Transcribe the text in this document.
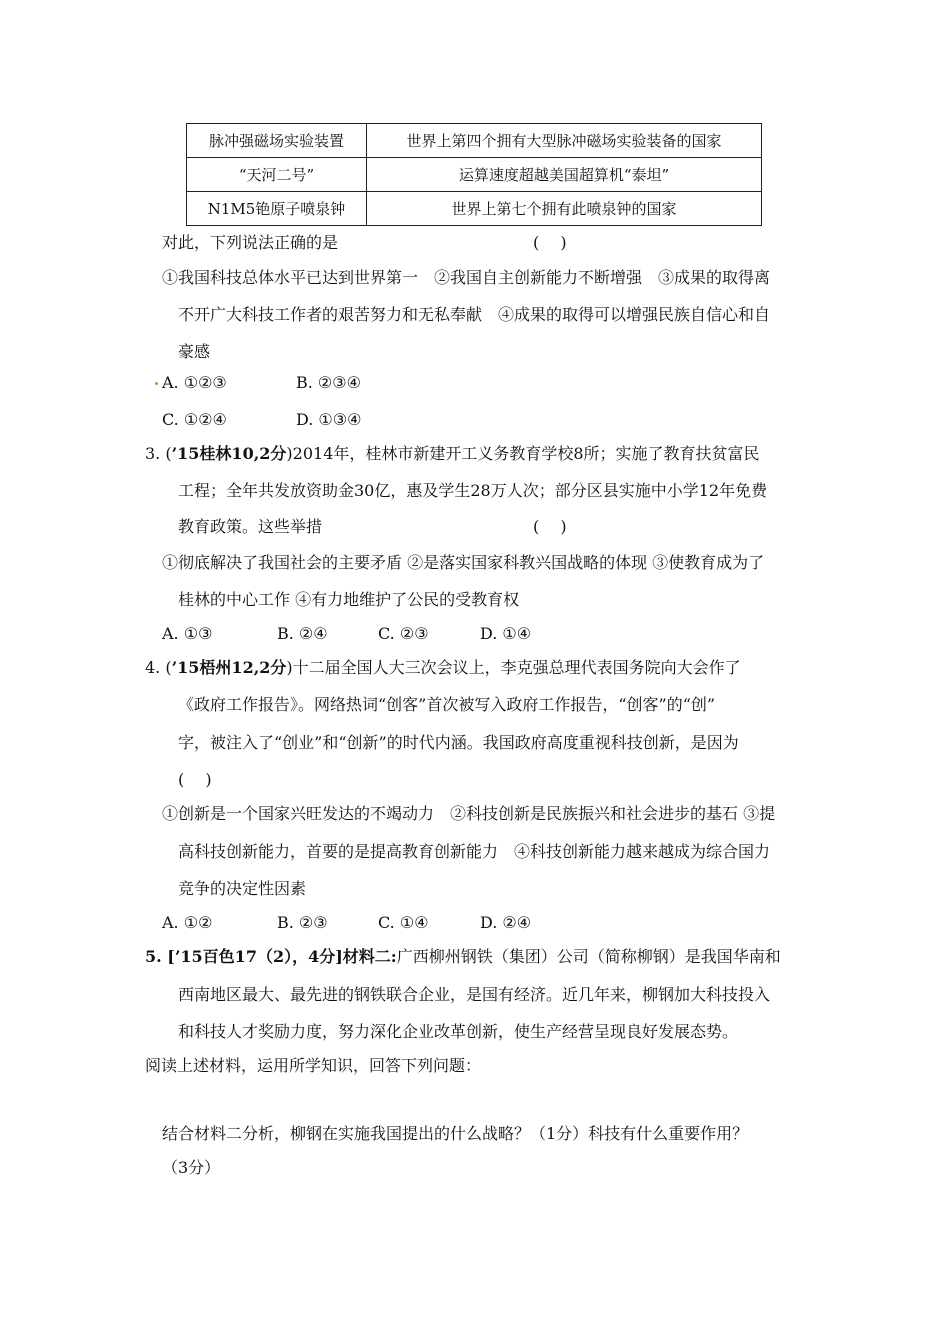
脉冲强磁场实验装置	世界上第四个拥有大型脉冲磁场实验装备的国家
“天河二号”	运算速度超越美国超算机“泰坦”
N1M5铯原子喷泉钟	世界上第七个拥有此喷泉钟的国家
对此，下列说法正确的是	(　 )
①我国科技总体水平已达到世界第一　②我国自主创新能力不断增强　③成果的取得离
不开广大科技工作者的艰苦努力和无私奉献　④成果的取得可以增强民族自信心和自
豪感
A. ①②③	B. ②③④
C. ①②④	D. ①③④
3. (’15桂林10,2分)2014年，桂林市新建开工义务教育学校8所；实施了教育扶贫富民
工程；全年共发放资助金30亿，惠及学生28万人次；部分区县实施中小学12年免费
教育政策。这些举措	(　 )
①彻底解决了我国社会的主要矛盾 ②是落实国家科教兴国战略的体现 ③使教育成为了
桂林的中心工作 ④有力地维护了公民的受教育权
A. ①③	B. ②④	C. ②③	D. ①④
4. (’15梧州12,2分)十二届全国人大三次会议上，李克强总理代表国务院向大会作了
《政府工作报告》。网络热词“创客”首次被写入政府工作报告，“创客”的“创”
字，被注入了“创业”和“创新”的时代内涵。我国政府高度重视科技创新，是因为
(　 )
①创新是一个国家兴旺发达的不竭动力　②科技创新是民族振兴和社会进步的基石 ③提
高科技创新能力，首要的是提高教育创新能力　④科技创新能力越来越成为综合国力
竞争的决定性因素
A. ①②	B. ②③	C. ①④	D. ②④
5. [’15百色17（2），4分]材料二:广西柳州钢铁（集团）公司（简称柳钢）是我国华南和
西南地区最大、最先进的钢铁联合企业，是国有经济。近几年来，柳钢加大科技投入
和科技人才奖励力度，努力深化企业改革创新，使生产经营呈现良好发展态势。
阅读上述材料，运用所学知识，回答下列问题：
结合材料二分析，柳钢在实施我国提出的什么战略？（1分）科技有什么重要作用？
（3分）
